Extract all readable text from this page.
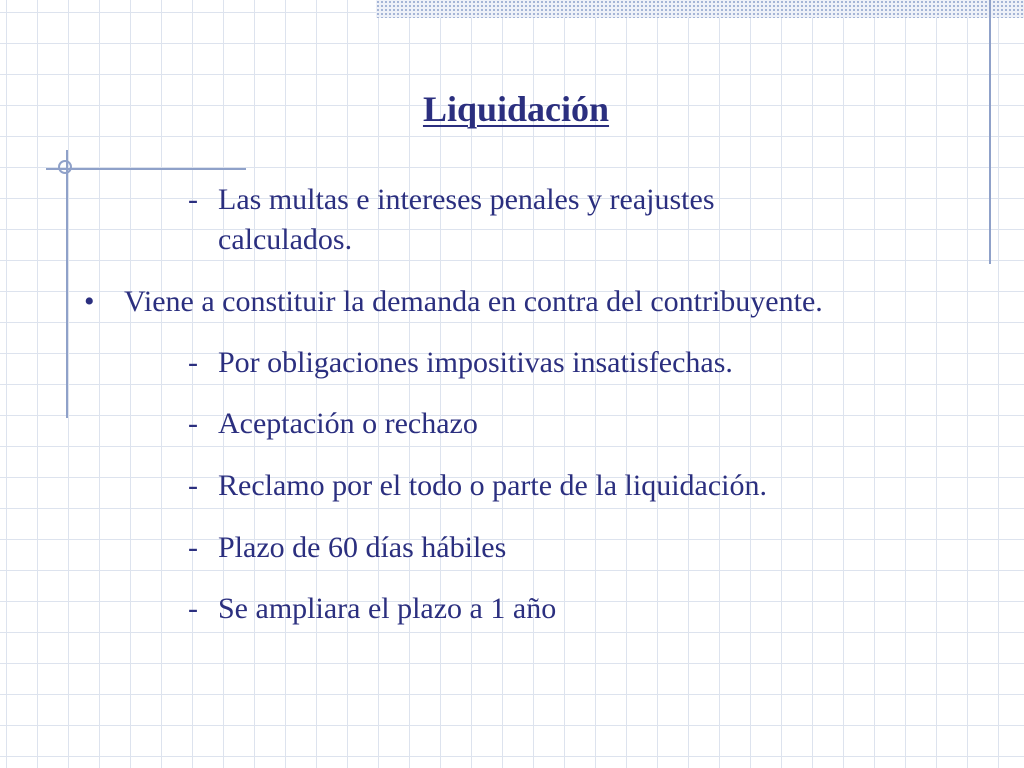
Liquidación
- Las multas e intereses penales y reajustes
calculados.
• Viene a constituir la demanda en contra del contribuyente.
- Por obligaciones impositivas insatisfechas.
- Aceptación o rechazo
- Reclamo por el todo o parte de la liquidación.
- Plazo de 60 días hábiles
- Se ampliara el plazo a 1 año
